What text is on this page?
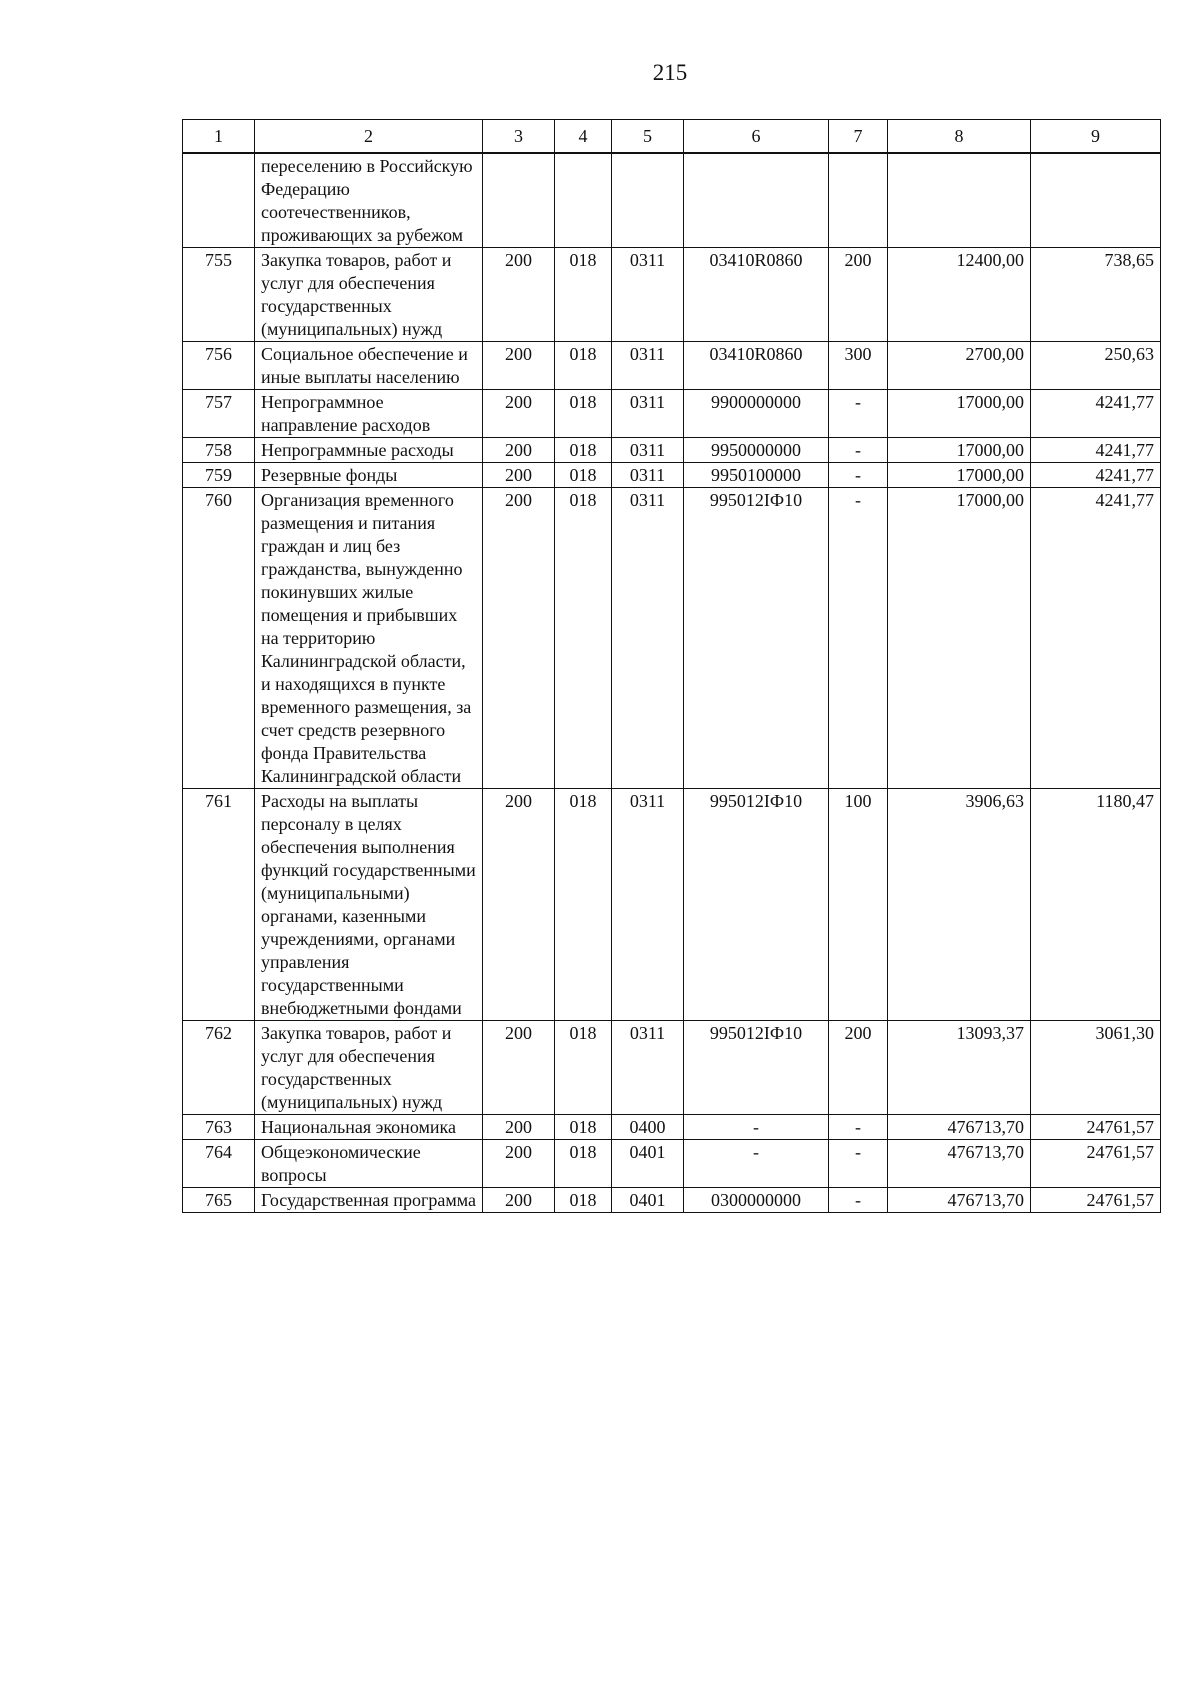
215
1	2	3	4	5	6	7	8	9
	переселению в Российскую Федерацию соотечественников, проживающих за рубежом							
755	Закупка товаров, работ и услуг для обеспечения государственных (муниципальных) нужд	200	018	0311	03410R0860	200	12400,00	738,65
756	Социальное обеспечение и иные выплаты населению	200	018	0311	03410R0860	300	2700,00	250,63
757	Непрограммное направление расходов	200	018	0311	9900000000	-	17000,00	4241,77
758	Непрограммные расходы	200	018	0311	9950000000	-	17000,00	4241,77
759	Резервные фонды	200	018	0311	9950100000	-	17000,00	4241,77
760	Организация временного размещения и питания граждан и лиц без гражданства, вынужденно покинувших жилые помещения и прибывших на территорию Калининградской области, и находящихся в пункте временного размещения, за счет средств резервного фонда Правительства Калининградской области	200	018	0311	995012IФ10	-	17000,00	4241,77
761	Расходы на выплаты персоналу в целях обеспечения выполнения функций государственными (муниципальными) органами, казенными учреждениями, органами управления государственными внебюджетными фондами	200	018	0311	995012IФ10	100	3906,63	1180,47
762	Закупка товаров, работ и услуг для обеспечения государственных (муниципальных) нужд	200	018	0311	995012IФ10	200	13093,37	3061,30
763	Национальная экономика	200	018	0400	-	-	476713,70	24761,57
764	Общеэкономические вопросы	200	018	0401	-	-	476713,70	24761,57
765	Государственная программа	200	018	0401	0300000000	-	476713,70	24761,57
